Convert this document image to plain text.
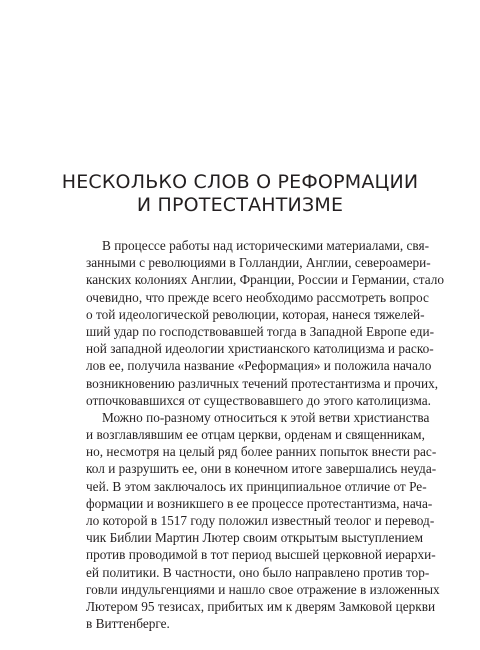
НЕСКОЛЬКО СЛОВ О РЕФОРМАЦИИ
И ПРОТЕСТАНТИЗМЕ
В процессе работы над историческими материалами, свя-
занными с революциями в Голландии, Англии, североамери-
канских колониях Англии, Франции, России и Германии, стало
очевидно, что прежде всего необходимо рассмотреть вопрос
о той идеологической революции, которая, нанеся тяжелей-
ший удар по господствовавшей тогда в Западной Европе еди-
ной западной идеологии христианского католицизма и раско-
лов ее, получила название «Реформация» и положила начало
возникновению различных течений протестантизма и прочих,
отпочковавшихся от существовавшего до этого католицизма.
Можно по-разному относиться к этой ветви христианства
и возглавлявшим ее отцам церкви, орденам и священникам,
но, несмотря на целый ряд более ранних попыток внести рас-
кол и разрушить ее, они в конечном итоге завершались неуда-
чей. В этом заключалось их принципиальное отличие от Ре-
формации и возникшего в ее процессе протестантизма, нача-
ло которой в 1517 году положил известный теолог и перевод-
чик Библии Мартин Лютер своим открытым выступлением
против проводимой в тот период высшей церковной иерархи-
ей политики. В частности, оно было направлено против тор-
говли индульгенциями и нашло свое отражение в изложенных
Лютером 95 тезисах, прибитых им к дверям Замковой церкви
в Виттенберге.
